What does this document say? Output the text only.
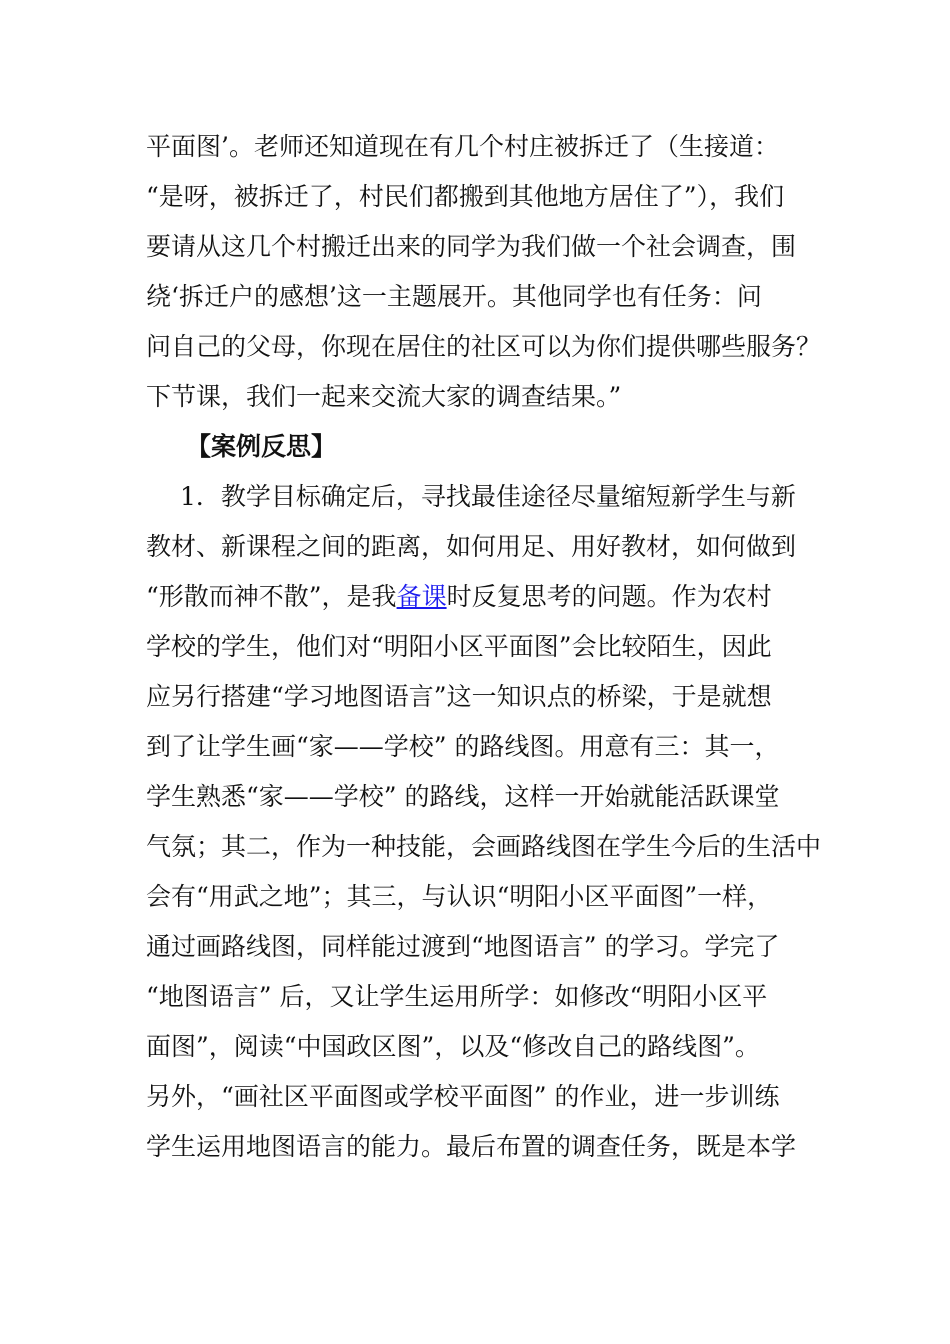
平面图’。老师还知道现在有几个村庄被拆迁了（生接道：
“是呀，被拆迁了，村民们都搬到其他地方居住了”），我们
要请从这几个村搬迁出来的同学为我们做一个社会调查，围
绕‘拆迁户的感想’这一主题展开。其他同学也有任务：问
问自己的父母，你现在居住的社区可以为你们提供哪些服务？
下节课，我们一起来交流大家的调查结果。”
【案例反思】
1．教学目标确定后，寻找最佳途径尽量缩短新学生与新
教材、新课程之间的距离，如何用足、用好教材，如何做到
“形散而神不散”，是我备课时反复思考的问题。作为农村
学校的学生，他们对“明阳小区平面图”会比较陌生，因此
应另行搭建“学习地图语言”这一知识点的桥梁，于是就想
到了让学生画“家——学校” 的路线图。用意有三：其一，
学生熟悉“家——学校” 的路线，这样一开始就能活跃课堂
气氛；其二，作为一种技能，会画路线图在学生今后的生活中
会有“用武之地”；其三，与认识“明阳小区平面图”一样，
通过画路线图，同样能过渡到“地图语言” 的学习。学完了
“地图语言” 后，又让学生运用所学：如修改“明阳小区平
面图”，阅读“中国政区图”，以及“修改自己的路线图”。
另外，“画社区平面图或学校平面图” 的作业，进一步训练
学生运用地图语言的能力。最后布置的调查任务，既是本学
